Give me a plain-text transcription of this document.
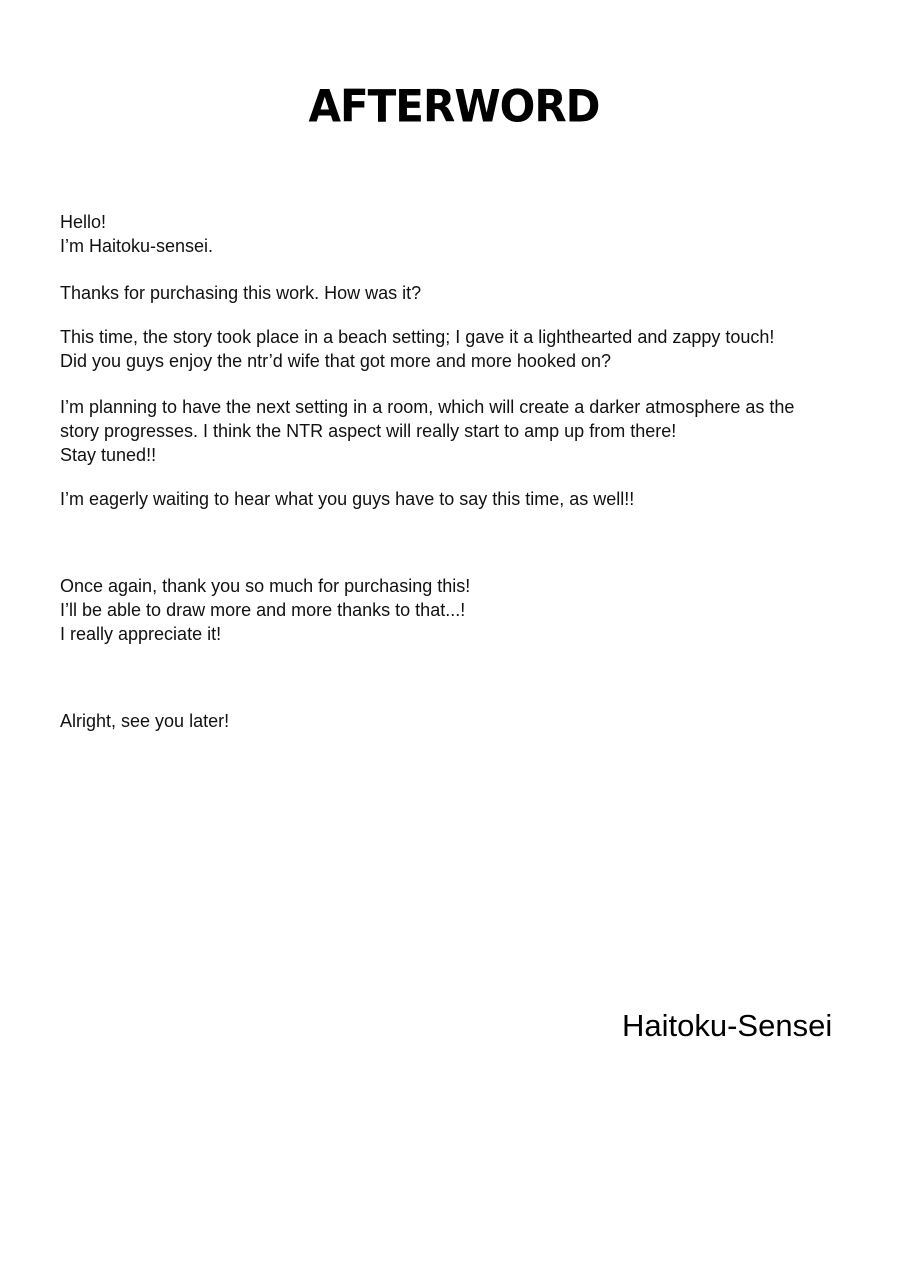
AFTERWORD
Hello!
I’m Haitoku-sensei.
Thanks for purchasing this work. How was it?
This time, the story took place in a beach setting; I gave it a lighthearted and zappy touch!
Did you guys enjoy the ntr’d wife that got more and more hooked on?
I’m planning to have the next setting in a room, which will create a darker atmosphere as the
story progresses. I think the NTR aspect will really start to amp up from there!
Stay tuned!!
I’m eagerly waiting to hear what you guys have to say this time, as well!!
Once again, thank you so much for purchasing this!
I’ll be able to draw more and more thanks to that...!
I really appreciate it!
Alright, see you later!
Haitoku-Sensei
